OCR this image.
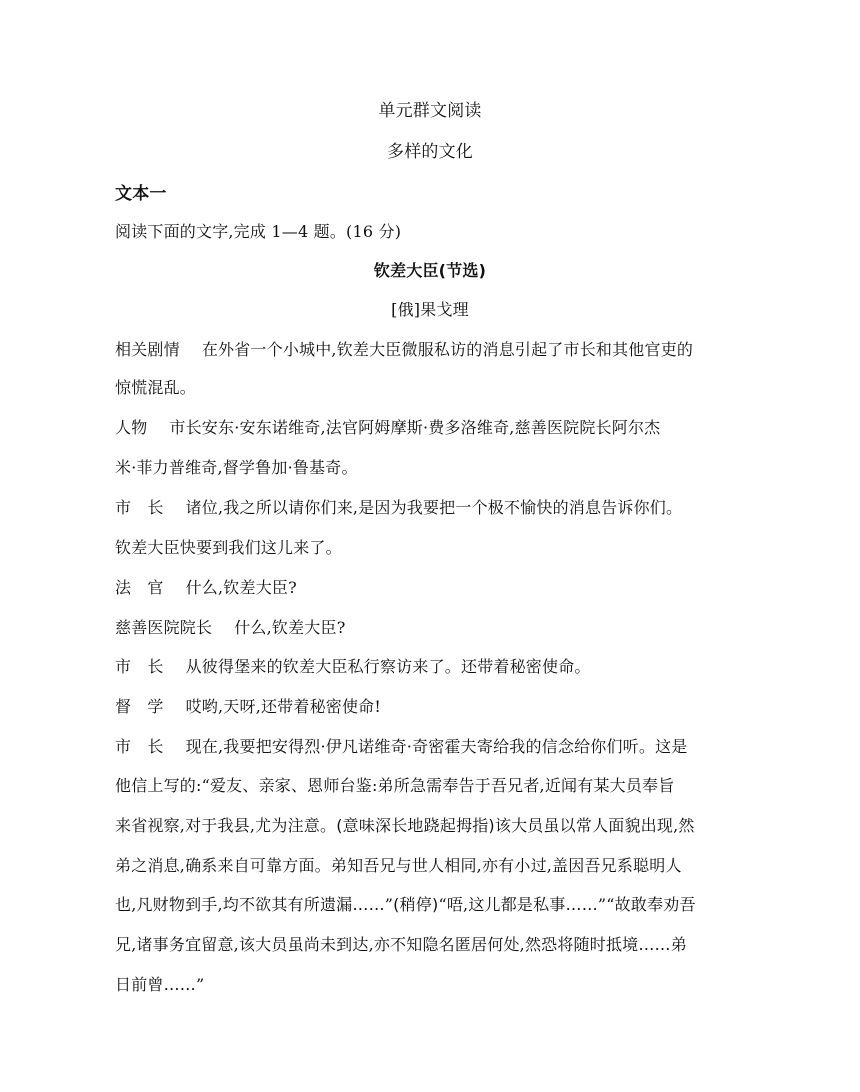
单元群文阅读
多样的文化
文本一
阅读下面的文字,完成 1—4 题。(16 分)
钦差大臣(节选)
[俄]果戈理
相关剧情 在外省一个小城中,钦差大臣微服私访的消息引起了市长和其他官吏的
惊慌混乱。
人物 市长安东·安东诺维奇,法官阿姆摩斯·费多洛维奇,慈善医院院长阿尔杰
米·菲力普维奇,督学鲁加·鲁基奇。
市　长 诸位,我之所以请你们来,是因为我要把一个极不愉快的消息告诉你们。
钦差大臣快要到我们这儿来了。
法　官 什么,钦差大臣?
慈善医院院长 什么,钦差大臣?
市　长 从彼得堡来的钦差大臣私行察访来了。还带着秘密使命。
督　学 哎哟,天呀,还带着秘密使命!
市　长 现在,我要把安得烈·伊凡诺维奇·奇密霍夫寄给我的信念给你们听。这是
他信上写的:“爱友、亲家、恩师台鉴:弟所急需奉告于吾兄者,近闻有某大员奉旨
来省视察,对于我县,尤为注意。(意味深长地跷起拇指)该大员虽以常人面貌出现,然
弟之消息,确系来自可靠方面。弟知吾兄与世人相同,亦有小过,盖因吾兄系聪明人
也,凡财物到手,均不欲其有所遗漏……”(稍停)“唔,这儿都是私事……”“故敢奉劝吾
兄,诸事务宜留意,该大员虽尚未到达,亦不知隐名匿居何处,然恐将随时抵境……弟
日前曾……”
